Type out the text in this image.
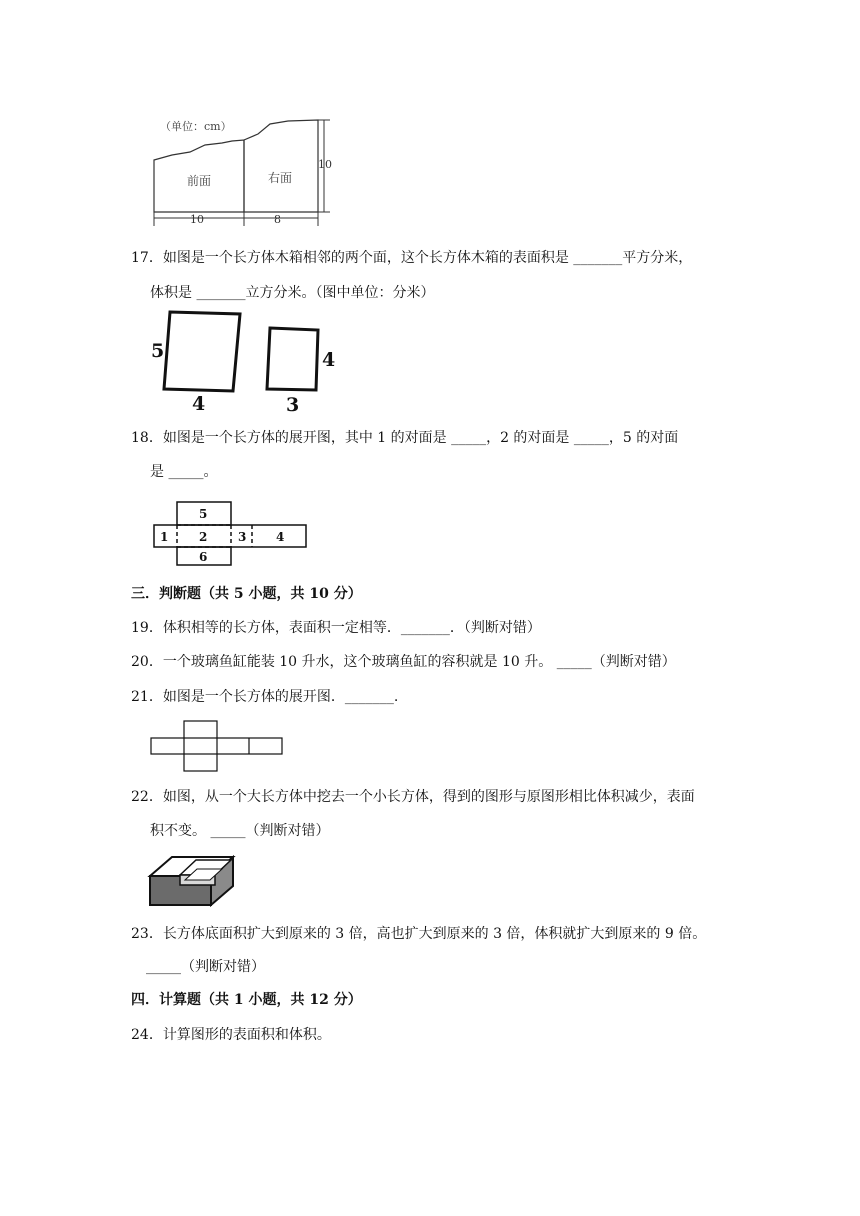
（单位：cm）
前面	右面
10	8
10
17．如图是一个长方体木箱相邻的两个面，这个长方体木箱的表面积是 _______平方分米，
体积是 _______立方分米。（图中单位：分米）
5
4
4
3
18．如图是一个长方体的展开图，其中 1 的对面是 _____，2 的对面是 _____，5 的对面
是 _____。
1	2	3 4
5
6
三．判断题（共 5 小题，共 10 分）
19．体积相等的长方体，表面积一定相等．_______．（判断对错）
20．一个玻璃鱼缸能装 10 升水，这个玻璃鱼缸的容积就是 10 升。 _____（判断对错）
21．如图是一个长方体的展开图．_______.
22．如图，从一个大长方体中挖去一个小长方体，得到的图形与原图形相比体积减少，表面
积不变。 _____（判断对错）
23．长方体底面积扩大到原来的 3 倍，高也扩大到原来的 3 倍，体积就扩大到原来的 9 倍。
_____（判断对错）
四．计算题（共 1 小题，共 12 分）
24．计算图形的表面积和体积。
